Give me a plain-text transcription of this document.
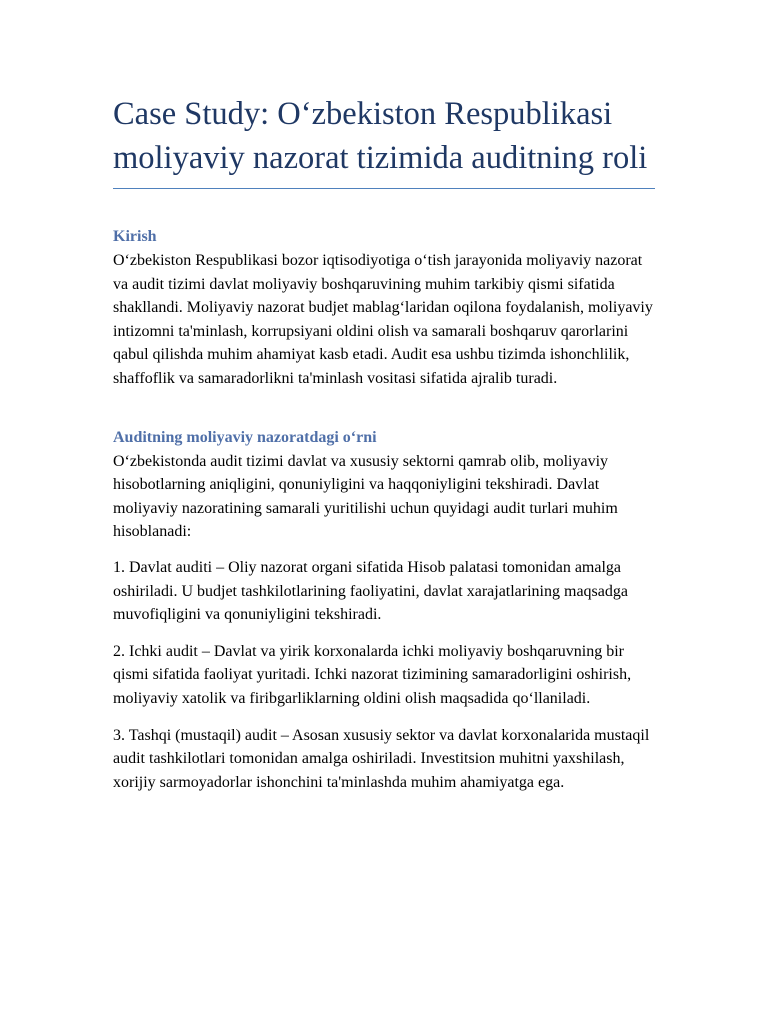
Case Study: O‘zbekiston Respublikasi moliyaviy nazorat tizimida auditning roli
Kirish

O‘zbekiston Respublikasi bozor iqtisodiyotiga o‘tish jarayonida moliyaviy nazorat va audit tizimi davlat moliyaviy boshqaruvining muhim tarkibiy qismi sifatida shakllandi. Moliyaviy nazorat budjet mablag‘laridan oqilona foydalanish, moliyaviy intizomni ta'minlash, korrupsiyani oldini olish va samarali boshqaruv qarorlarini qabul qilishda muhim ahamiyat kasb etadi. Audit esa ushbu tizimda ishonchlilik, shaffoflik va samaradorlikni ta'minlash vositasi sifatida ajralib turadi.

Auditning moliyaviy nazoratdagi o‘rni

O‘zbekistonda audit tizimi davlat va xususiy sektorni qamrab olib, moliyaviy hisobotlarning aniqligini, qonuniyligini va haqqoniyligini tekshiradi. Davlat moliyaviy nazoratining samarali yuritilishi uchun quyidagi audit turlari muhim hisoblanadi:

1. Davlat auditi – Oliy nazorat organi sifatida Hisob palatasi tomonidan amalga oshiriladi. U budjet tashkilotlarining faoliyatini, davlat xarajatlarining maqsadga muvofiqligini va qonuniyligini tekshiradi.

2. Ichki audit – Davlat va yirik korxonalarda ichki moliyaviy boshqaruvning bir qismi sifatida faoliyat yuritadi. Ichki nazorat tizimining samaradorligini oshirish, moliyaviy xatolik va firibgarliklarning oldini olish maqsadida qo‘llaniladi.

3. Tashqi (mustaqil) audit – Asosan xususiy sektor va davlat korxonalarida mustaqil audit tashkilotlari tomonidan amalga oshiriladi. Investitsion muhitni yaxshilash, xorijiy sarmoyadorlar ishonchini ta'minlashda muhim ahamiyatga ega.
